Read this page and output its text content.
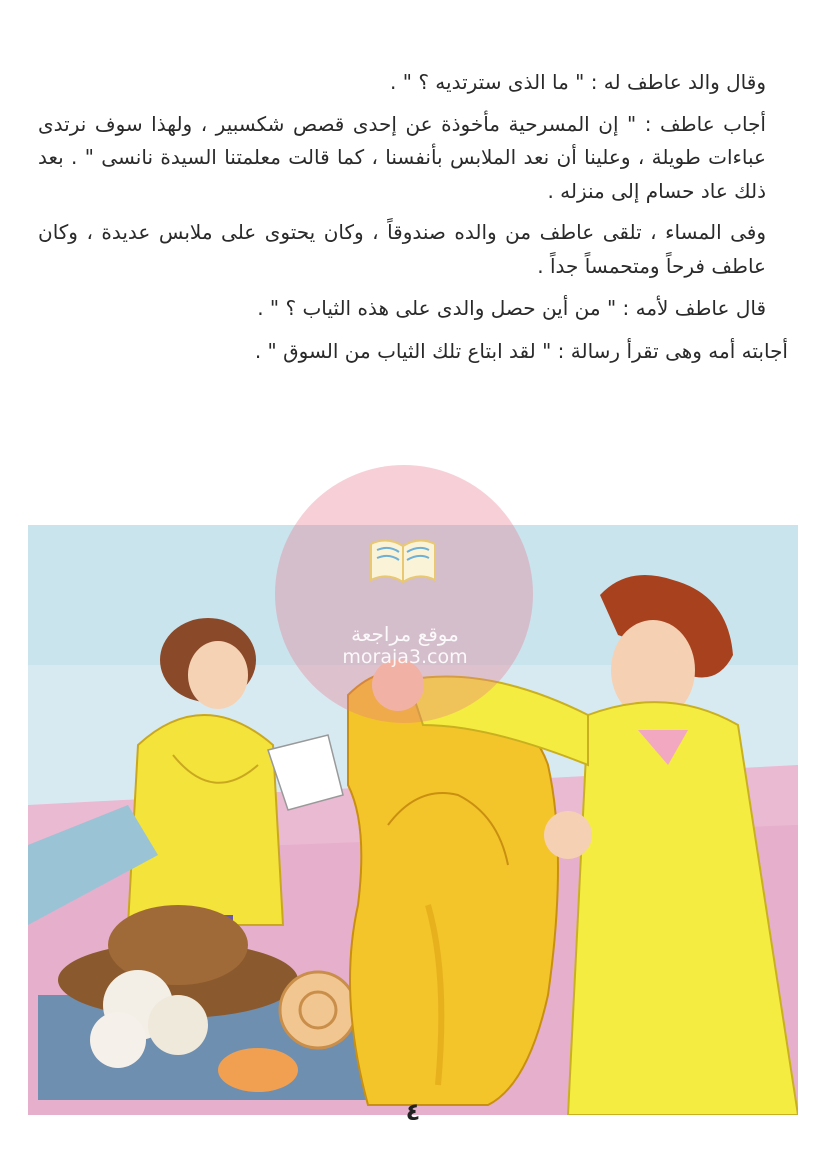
وقال والد عاطف له : " ما الذى سترتديه ؟ " .

أجاب عاطف : " إن المسرحية مأخوذة عن إحدى قصص شكسبير ، ولهذا سوف نرتدى عباءات طويلة ، وعلينا أن نعد الملابس بأنفسنا ، كما قالت معلمتنا السيدة نانسى " . بعد ذلك عاد حسام إلى منزله .

وفى المساء ، تلقى عاطف من والده صندوقاً ، وكان يحتوى على ملابس عديدة ، وكان عاطف فرحاً ومتحمساً جداً .

قال عاطف لأمه : " من أين حصل والدى على هذه الثياب ؟ " .

أجابته أمه وهى تقرأ رسالة : " لقد ابتاع تلك الثياب من السوق " .

موقع مراجعة
moraja3.com
٤
